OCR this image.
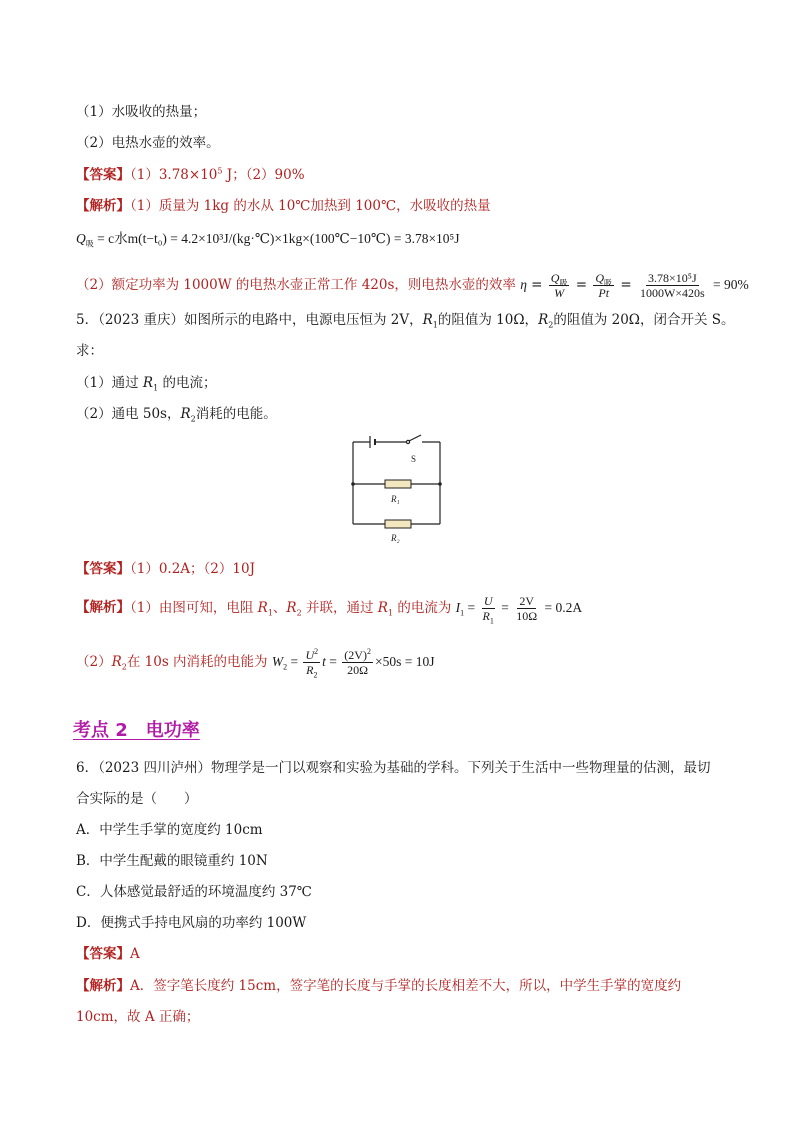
（1）水吸收的热量；
（2）电热水壶的效率。
【答案】$(1)3.78\times 10^5$ J；（2）90%
【解析】（1）质量为 1kg 的水从 10℃加热到 100℃，水吸收的热量
$Q_吸 = c$水m(t−t₀) = 4.2×10³J/(kg·℃)×1kg×(100℃−10℃) = 3.78×10⁵J
（2）额定功率为 1000W 的电热水壶正常工作 420s，则电热水壶的效率 $\eta = \frac{Q_吸}{W} = \frac{Q_吸}{Pt} = \frac{\text{3.78×10⁵J}}{1000W\times 420s} = 90\%$
5．（2023 重庆）如图所示的电路中，电源电压恒为 2V，$R_1$的阻值为 10Ω，$R_2$的阻值为 20Ω，闭合开关 S。
求：
（1）通过 $R_1$ 的电流；
（2）通电 50s，$R_2$消耗的电能。
S
R₁
R₂
【答案】（1）0.2A；（2）10J
【解析】（1）由图可知，电阻 $R_1$、$R_2$ 并联，通过 $R_1$ 的电流为 $I_1 = \frac{U}{R_1} = \frac{2V}{10\Omega} = 0.2A$
$(2)R_2$在 10s 内消耗的电能为 $W_2 = \frac{U^2}{R_2}$ $t = \frac{(2V)^2}{20\Omega} \times 50s = 10J$
考点 2　电功率
6．（2023 四川泸州）物理学是一门以观察和实验为基础的学科。下列关于生活中一些物理量的估测，最切
合实际的是（　　）
A．中学生手掌的宽度约 10cm
B．中学生配戴的眼镜重约 10N
C．人体感觉最舒适的环境温度约 37℃
D．便携式手持电风扇的功率约 100W
【答案】A
【解析】A．签字笔长度约 15cm，签字笔的长度与手掌的长度相差不大，所以，中学生手掌的宽度约
10cm，故 A 正确；
